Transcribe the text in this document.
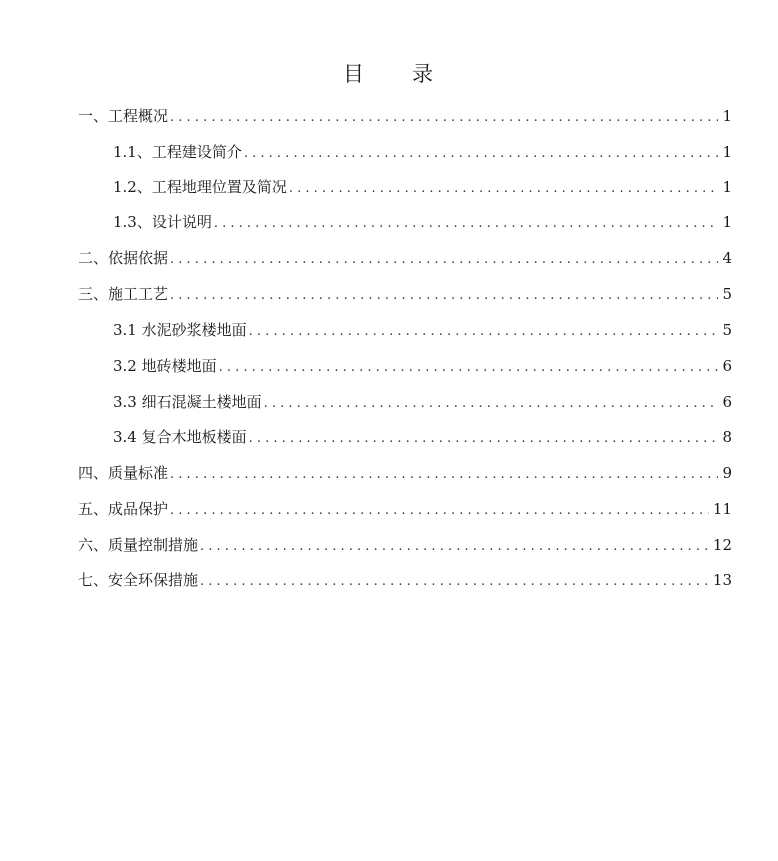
目 录
一、工程概况 . . .	1
1.1、工程建设简介 . . .	1
1.2、工程地理位置及简况 . . .	1
1.3、设计说明 . . .	1
二、依据依据 . . .	4
三、施工工艺 . . .	5
3.1 水泥砂浆楼地面 . . .	5
3.2 地砖楼地面 . . .	6
3.3 细石混凝土楼地面 . . .	6
3.4 复合木地板楼面 . . .	8
四、质量标准 . . .	9
五、成品保护 . . .	11
六、质量控制措施 . . .	12
七、安全环保措施 . . .	13
